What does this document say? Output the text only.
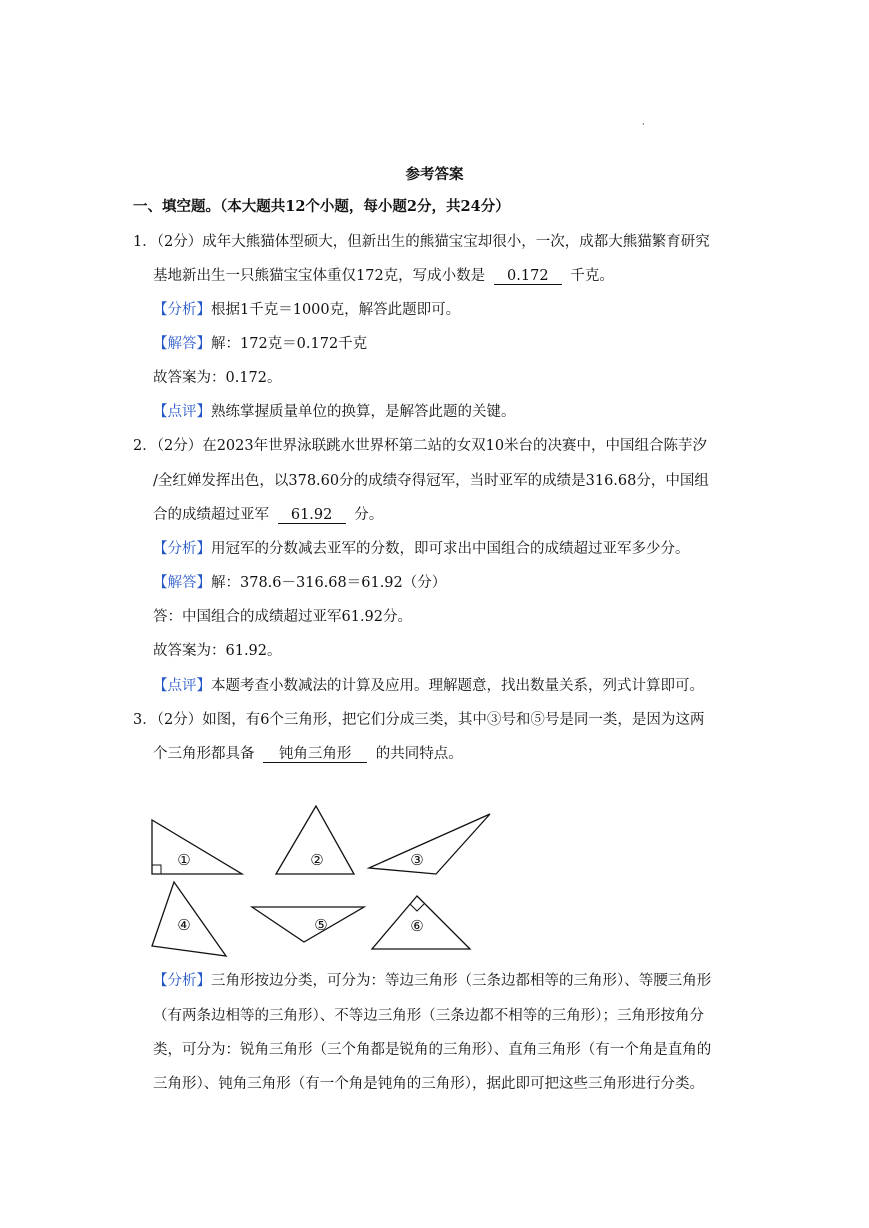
·
参考答案
一、填空题。（本大题共12个小题，每小题2分，共24分）
1．（2分）成年大熊猫体型硕大，但新出生的熊猫宝宝却很小，一次，成都大熊猫繁育研究
基地新出生一只熊猫宝宝体重仅172克，写成小数是 0.172 千克。
【分析】根据1千克＝1000克，解答此题即可。
【解答】解：172克＝0.172千克
故答案为：0.172。
【点评】熟练掌握质量单位的换算，是解答此题的关键。
2．（2分）在2023年世界泳联跳水世界杯第二站的女双10米台的决赛中，中国组合陈芋汐
/全红婵发挥出色，以378.60分的成绩夺得冠军，当时亚军的成绩是316.68分，中国组
合的成绩超过亚军 61.92 分。
【分析】用冠军的分数减去亚军的分数，即可求出中国组合的成绩超过亚军多少分。
【解答】解：378.6－316.68＝61.92（分）
答：中国组合的成绩超过亚军61.92分。
故答案为：61.92。
【点评】本题考查小数减法的计算及应用。理解题意，找出数量关系，列式计算即可。
3．（2分）如图，有6个三角形，把它们分成三类，其中③号和⑤号是同一类，是因为这两
个三角形都具备 钝角三角形 的共同特点。
①	②	③
④	⑤	⑥
【分析】三角形按边分类，可分为：等边三角形（三条边都相等的三角形）、等腰三角形
（有两条边相等的三角形）、不等边三角形（三条边都不相等的三角形）；三角形按角分
类，可分为：锐角三角形（三个角都是锐角的三角形）、直角三角形（有一个角是直角的
三角形）、钝角三角形（有一个角是钝角的三角形），据此即可把这些三角形进行分类。
